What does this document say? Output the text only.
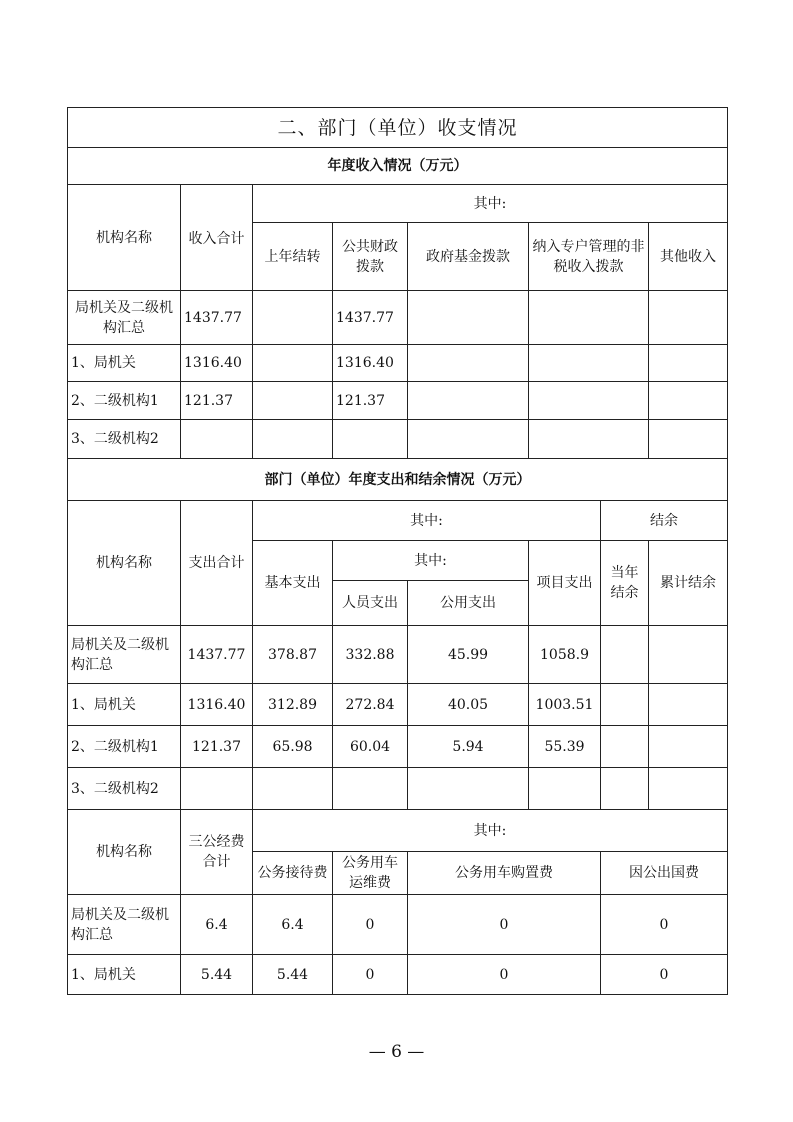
二、部门（单位）收支情况							
年度收入情况（万元）							
机构名称	收入合计	其中:					
		上年结转	公共财政拨款	政府基金拨款	纳入专户管理的非税收入拨款		其他收入
局机关及二级机构汇总	1437.77		1437.77				
1、局机关	1316.40		1316.40				
2、二级机构1	121.37		121.37				
3、二级机构2							
部门（单位）年度支出和结余情况（万元）							
机构名称	支出合计	其中:				结余	
		基本支出	其中:		项目支出	当年结余	累计结余
			人员支出	公用支出			
局机关及二级机构汇总	1437.77	378.87	332.88	45.99	1058.9		
1、局机关	1316.40	312.89	272.84	40.05	1003.51		
2、二级机构1	121.37	65.98	60.04	5.94	55.39		
3、二级机构2							
机构名称	三公经费合计	其中:					
		公务接待费	公务用车运维费	公务用车购置费		因公出国费	
局机关及二级机构汇总	6.4	6.4	0	0		0	
1、局机关	5.44	5.44	0	0		0	
— 6 —
